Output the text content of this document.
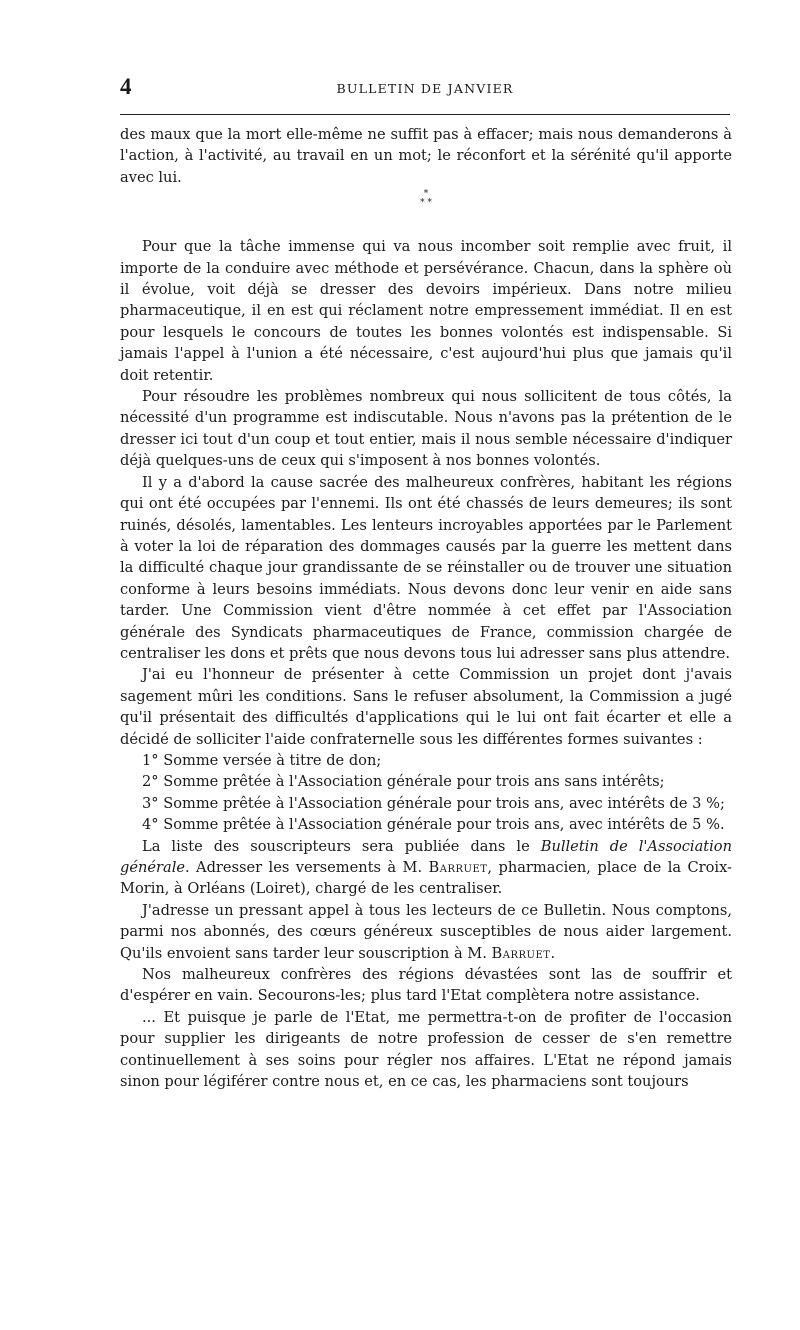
4	BULLETIN DE JANVIER

des maux que la mort elle-même ne suffit pas à effacer; mais nous demanderons à l'action, à l'activité, au travail en un mot; le réconfort et la sérénité qu'il apporte avec lui.

*
* *

Pour que la tâche immense qui va nous incomber soit remplie avec fruit, il importe de la conduire avec méthode et persévérance. Chacun, dans la sphère où il évolue, voit déjà se dresser des devoirs impérieux. Dans notre milieu pharmaceutique, il en est qui réclament notre empressement immédiat. Il en est pour lesquels le concours de toutes les bonnes volontés est indispensable. Si jamais l'appel à l'union a été nécessaire, c'est aujourd'hui plus que jamais qu'il doit retentir.

Pour résoudre les problèmes nombreux qui nous sollicitent de tous côtés, la nécessité d'un programme est indiscutable. Nous n'avons pas la prétention de le dresser ici tout d'un coup et tout entier, mais il nous semble nécessaire d'indiquer déjà quelques-uns de ceux qui s'imposent à nos bonnes volontés.

Il y a d'abord la cause sacrée des malheureux confrères, habitant les régions qui ont été occupées par l'ennemi. Ils ont été chassés de leurs demeures; ils sont ruinés, désolés, lamentables. Les lenteurs incroyables apportées par le Parlement à voter la loi de réparation des dommages causés par la guerre les mettent dans la difficulté chaque jour grandissante de se réinstaller ou de trouver une situation conforme à leurs besoins immédiats. Nous devons donc leur venir en aide sans tarder. Une Commission vient d'être nommée à cet effet par l'Association générale des Syndicats pharmaceutiques de France, commission chargée de centraliser les dons et prêts que nous devons tous lui adresser sans plus attendre.

J'ai eu l'honneur de présenter à cette Commission un projet dont j'avais sagement mûri les conditions. Sans le refuser absolument, la Commission a jugé qu'il présentait des difficultés d'applications qui le lui ont fait écarter et elle a décidé de solliciter l'aide confraternelle sous les différentes formes suivantes :

1° Somme versée à titre de don;

2° Somme prêtée à l'Association générale pour trois ans sans intérêts;

3° Somme prêtée à l'Association générale pour trois ans, avec intérêts de 3 %;

4° Somme prêtée à l'Association générale pour trois ans, avec intérêts de 5 %.

La liste des souscripteurs sera publiée dans le Bulletin de l'Association générale. Adresser les versements à M. Barruet, pharmacien, place de la Croix-Morin, à Orléans (Loiret), chargé de les centraliser.

J'adresse un pressant appel à tous les lecteurs de ce Bulletin. Nous comptons, parmi nos abonnés, des cœurs généreux susceptibles de nous aider largement. Qu'ils envoient sans tarder leur souscription à M. Barruet.

Nos malheureux confrères des régions dévastées sont las de souffrir et d'espérer en vain. Secourons-les; plus tard l'Etat complètera notre assistance.

... Et puisque je parle de l'Etat, me permettra-t-on de profiter de l'occasion pour supplier les dirigeants de notre profession de cesser de s'en remettre continuellement à ses soins pour régler nos affaires. L'Etat ne répond jamais sinon pour légiférer contre nous et, en ce cas, les pharmaciens sont toujours
